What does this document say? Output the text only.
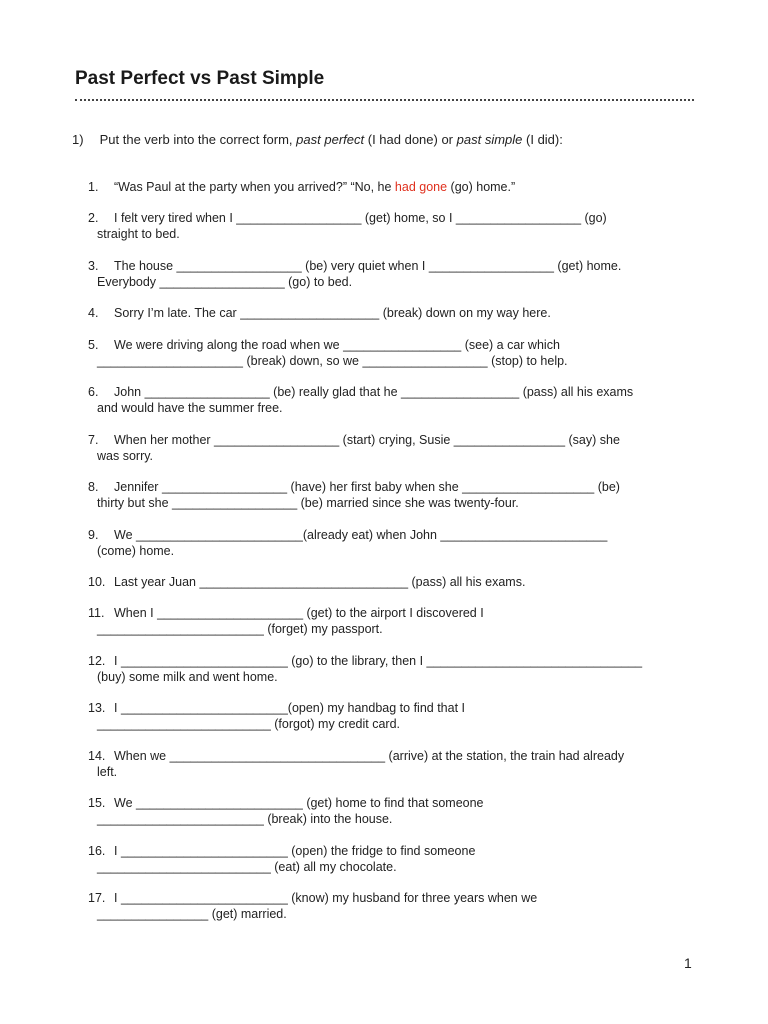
Past Perfect vs Past Simple
1) Put the verb into the correct form, past perfect (I had done) or past simple (I did):
1. “Was Paul at the party when you arrived?” “No, he had gone (go) home.”
2. I felt very tired when I __________________ (get) home, so I __________________ (go)
straight to bed.
3. The house __________________ (be) very quiet when I __________________ (get) home.
Everybody __________________ (go) to bed.
4. Sorry I’m late. The car ____________________ (break) down on my way here.
5. We were driving along the road when we _________________ (see) a car which
_____________________ (break) down, so we __________________ (stop) to help.
6. John __________________ (be) really glad that he _________________ (pass) all his exams
and would have the summer free.
7. When her mother __________________ (start) crying, Susie ________________ (say) she
was sorry.
8. Jennifer __________________ (have) her first baby when she ___________________ (be)
thirty but she __________________ (be) married since she was twenty-four.
9. We ________________________(already eat) when John ________________________
(come) home.
10. Last year Juan ______________________________ (pass) all his exams.
11. When I _____________________ (get) to the airport I discovered I
________________________ (forget) my passport.
12. I ________________________ (go) to the library, then I _______________________________
(buy) some milk and went home.
13. I ________________________(open) my handbag to find that I
_________________________ (forgot) my credit card.
14. When we _______________________________ (arrive) at the station, the train had already
left.
15. We ________________________ (get) home to find that someone
________________________ (break) into the house.
16. I ________________________ (open) the fridge to find someone
_________________________ (eat) all my chocolate.
17. I ________________________ (know) my husband for three years when we
________________ (get) married.
1
